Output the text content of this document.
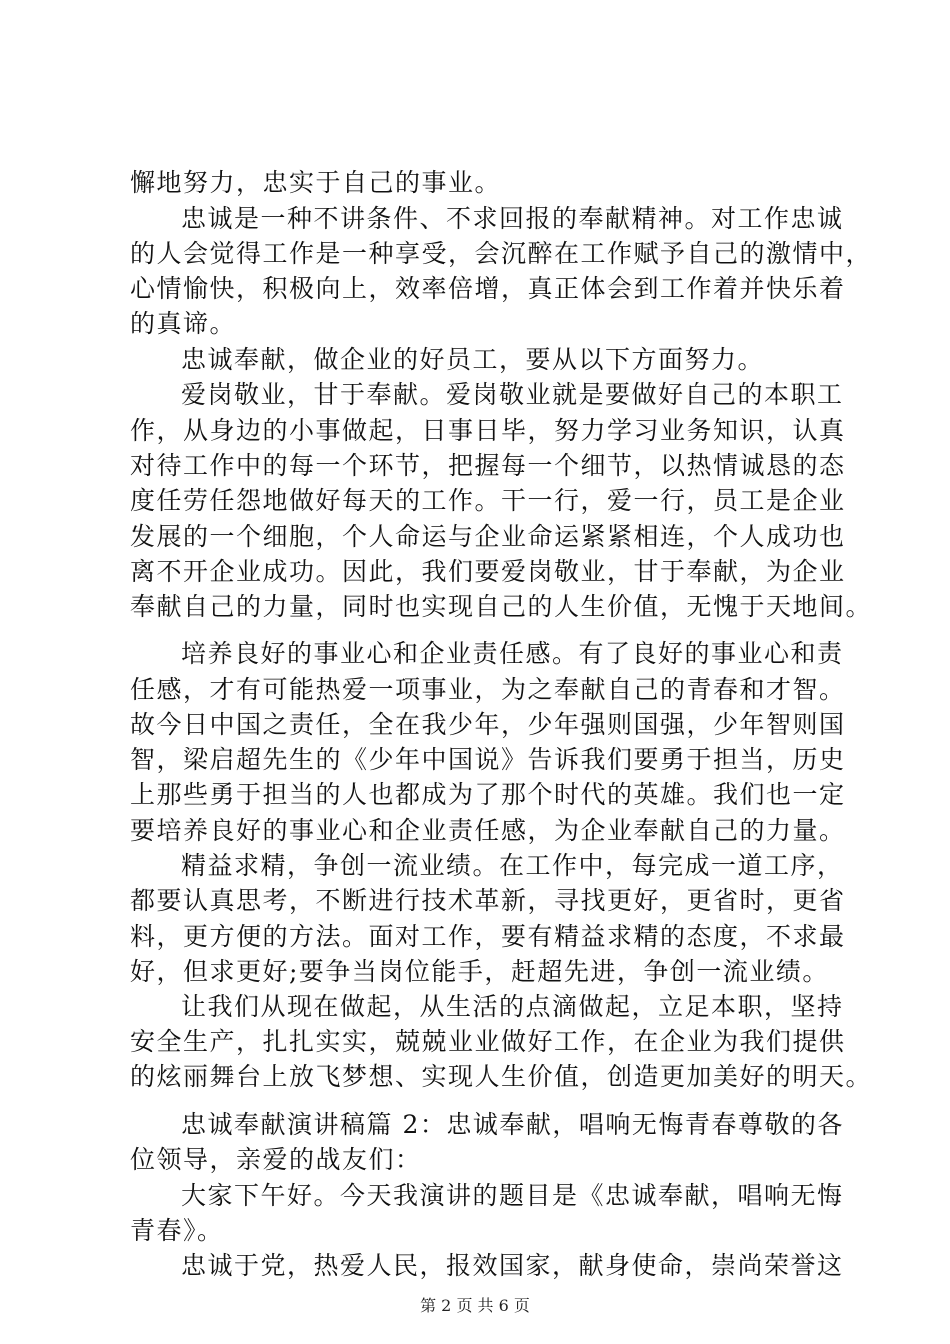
懈地努力，忠实于自己的事业。
忠诚是一种不讲条件、不求回报的奉献精神。对工作忠诚
的人会觉得工作是一种享受，会沉醉在工作赋予自己的激情中，
心情愉快，积极向上，效率倍增，真正体会到工作着并快乐着
的真谛。
忠诚奉献，做企业的好员工，要从以下方面努力。
爱岗敬业，甘于奉献。爱岗敬业就是要做好自己的本职工
作，从身边的小事做起，日事日毕，努力学习业务知识，认真
对待工作中的每一个环节，把握每一个细节，以热情诚恳的态
度任劳任怨地做好每天的工作。干一行，爱一行，员工是企业
发展的一个细胞，个人命运与企业命运紧紧相连，个人成功也
离不开企业成功。因此，我们要爱岗敬业，甘于奉献，为企业
奉献自己的力量，同时也实现自己的人生价值，无愧于天地间。
培养良好的事业心和企业责任感。有了良好的事业心和责
任感，才有可能热爱一项事业，为之奉献自己的青春和才智。
故今日中国之责任，全在我少年，少年强则国强，少年智则国
智，梁启超先生的《少年中国说》告诉我们要勇于担当，历史
上那些勇于担当的人也都成为了那个时代的英雄。我们也一定
要培养良好的事业心和企业责任感，为企业奉献自己的力量。
精益求精，争创一流业绩。在工作中，每完成一道工序，
都要认真思考，不断进行技术革新，寻找更好，更省时，更省
料，更方便的方法。面对工作，要有精益求精的态度，不求最
好，但求更好;要争当岗位能手，赶超先进，争创一流业绩。
让我们从现在做起，从生活的点滴做起，立足本职，坚持
安全生产，扎扎实实，兢兢业业做好工作，在企业为我们提供
的炫丽舞台上放飞梦想、实现人生价值，创造更加美好的明天。
忠诚奉献演讲稿篇 2：忠诚奉献，唱响无悔青春尊敬的各
位领导，亲爱的战友们：
大家下午好。今天我演讲的题目是《忠诚奉献，唱响无悔
青春》。
忠诚于党，热爱人民，报效国家，献身使命，崇尚荣誉这
第 2 页 共 6 页
